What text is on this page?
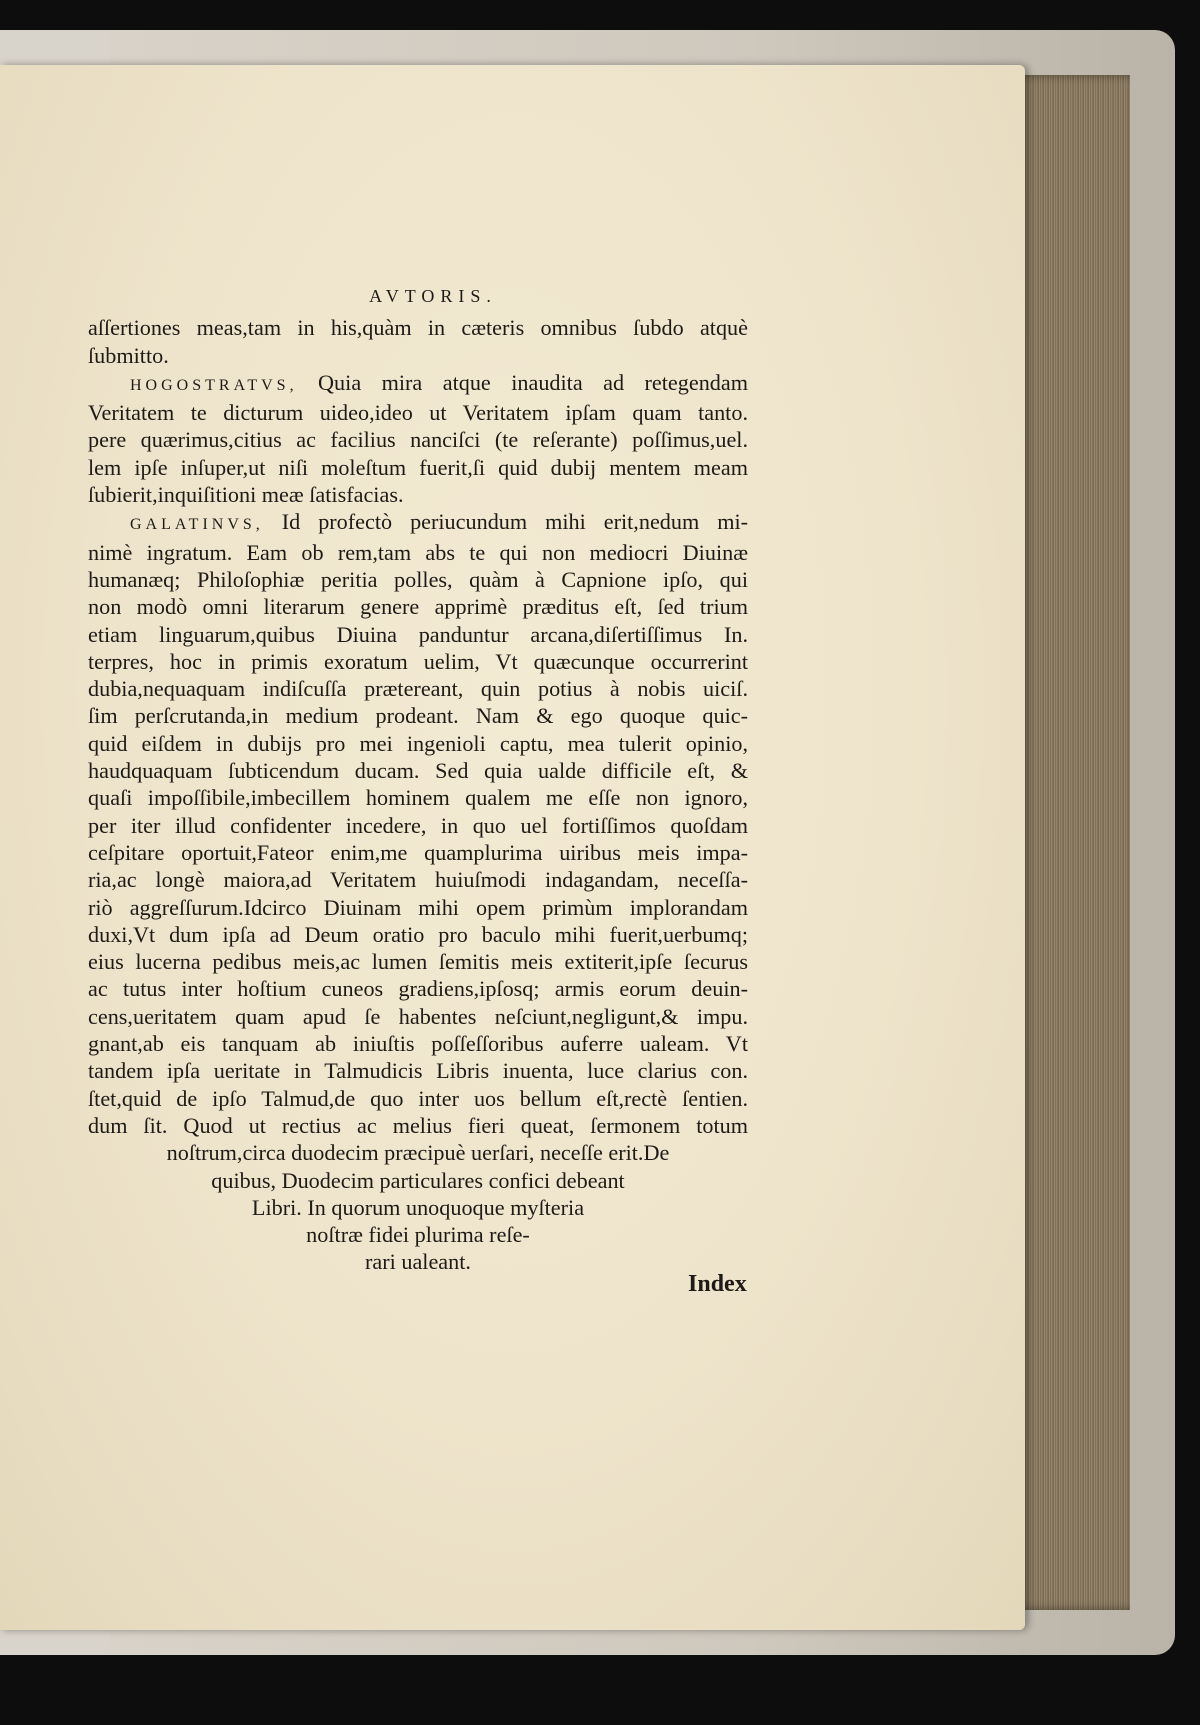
AVTORIS.
aſſertiones meas,tam in his,quàm in cæteris omnibus ſubdo atquè
ſubmitto.
HOGOSTRATVS, Quia mira atque inaudita ad retegendam
Veritatem te dicturum uideo,ideo ut Veritatem ipſam quam tanto.
pere quærimus,citius ac facilius nanciſci (te reſerante) poſſimus,uel.
lem ipſe inſuper,ut niſi moleſtum fuerit,ſi quid dubij mentem meam
ſubierit,inquiſitioni meæ ſatisfacias.
GALATINVS, Id profectò periucundum mihi erit,nedum mi-
nimè ingratum. Eam ob rem,tam abs te qui non mediocri Diuinæ
humanæq; Philoſophiæ peritia polles, quàm à Capnione ipſo, qui
non modò omni literarum genere apprimè præditus eſt, ſed trium
etiam linguarum,quibus Diuina panduntur arcana,diſertiſſimus In.
terpres, hoc in primis exoratum uelim, Vt quæcunque occurrerint
dubia,nequaquam indiſcuſſa prætereant, quin potius à nobis uiciſ.
ſim perſcrutanda,in medium prodeant. Nam & ego quoque quic-
quid eiſdem in dubijs pro mei ingenioli captu, mea tulerit opinio,
haudquaquam ſubticendum ducam. Sed quia ualde difficile eſt, &
quaſi impoſſibile,imbecillem hominem qualem me eſſe non ignoro,
per iter illud confidenter incedere, in quo uel fortiſſimos quoſdam
ceſpitare oportuit,Fateor enim,me quamplurima uiribus meis impa-
ria,ac longè maiora,ad Veritatem huiuſmodi indagandam, neceſſa-
riò aggreſſurum.Idcirco Diuinam mihi opem primùm implorandam
duxi,Vt dum ipſa ad Deum oratio pro baculo mihi fuerit,uerbumq;
eius lucerna pedibus meis,ac lumen ſemitis meis extiterit,ipſe ſecurus
ac tutus inter hoſtium cuneos gradiens,ipſosq; armis eorum deuin-
cens,ueritatem quam apud ſe habentes neſciunt,negligunt,& impu.
gnant,ab eis tanquam ab iniuſtis poſſeſſoribus auferre ualeam. Vt
tandem ipſa ueritate in Talmudicis Libris inuenta, luce clarius con.
ſtet,quid de ipſo Talmud,de quo inter uos bellum eſt,rectè ſentien.
dum ſit. Quod ut rectius ac melius fieri queat, ſermonem totum
noſtrum,circa duodecim præcipuè uerſari, neceſſe erit.De
quibus, Duodecim particulares confici debeant
Libri. In quorum unoquoque myſteria
noſtræ fidei plurima reſe-
rari ualeant.
Index
